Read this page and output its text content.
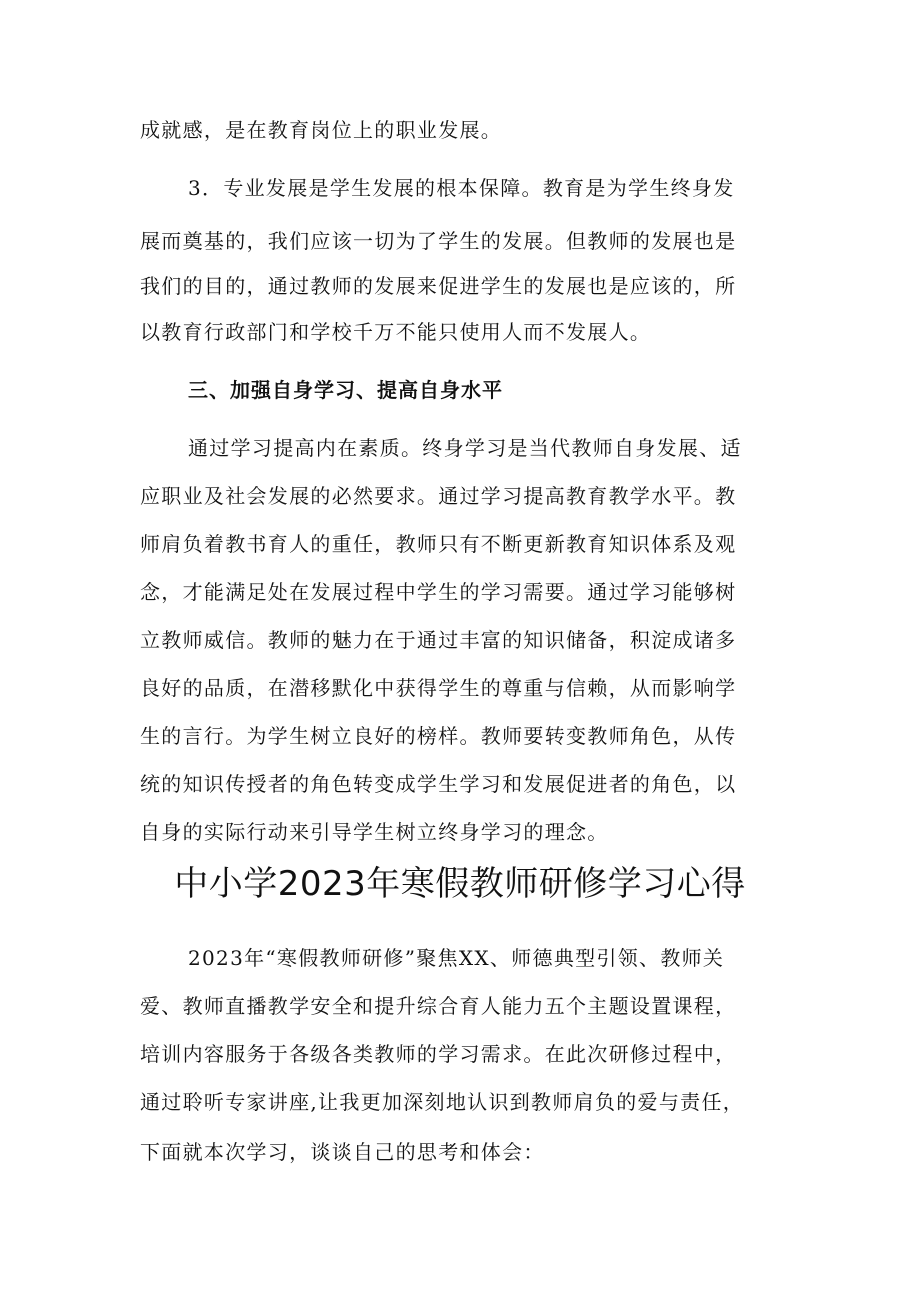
成就感，是在教育岗位上的职业发展。
3．专业发展是学生发展的根本保障。教育是为学生终身发
展而奠基的，我们应该一切为了学生的发展。但教师的发展也是
我们的目的，通过教师的发展来促进学生的发展也是应该的，所
以教育行政部门和学校千万不能只使用人而不发展人。
三、加强自身学习、提高自身水平
通过学习提高内在素质。终身学习是当代教师自身发展、适
应职业及社会发展的必然要求。通过学习提高教育教学水平。教
师肩负着教书育人的重任，教师只有不断更新教育知识体系及观
念，才能满足处在发展过程中学生的学习需要。通过学习能够树
立教师威信。教师的魅力在于通过丰富的知识储备，积淀成诸多
良好的品质，在潜移默化中获得学生的尊重与信赖，从而影响学
生的言行。为学生树立良好的榜样。教师要转变教师角色，从传
统的知识传授者的角色转变成学生学习和发展促进者的角色，以
自身的实际行动来引导学生树立终身学习的理念。
中小学2023年寒假教师研修学习心得
2023年“寒假教师研修”聚焦XX、师德典型引领、教师关
爱、教师直播教学安全和提升综合育人能力五个主题设置课程，
培训内容服务于各级各类教师的学习需求。在此次研修过程中，
通过聆听专家讲座,让我更加深刻地认识到教师肩负的爱与责任，
下面就本次学习，谈谈自己的思考和体会：
